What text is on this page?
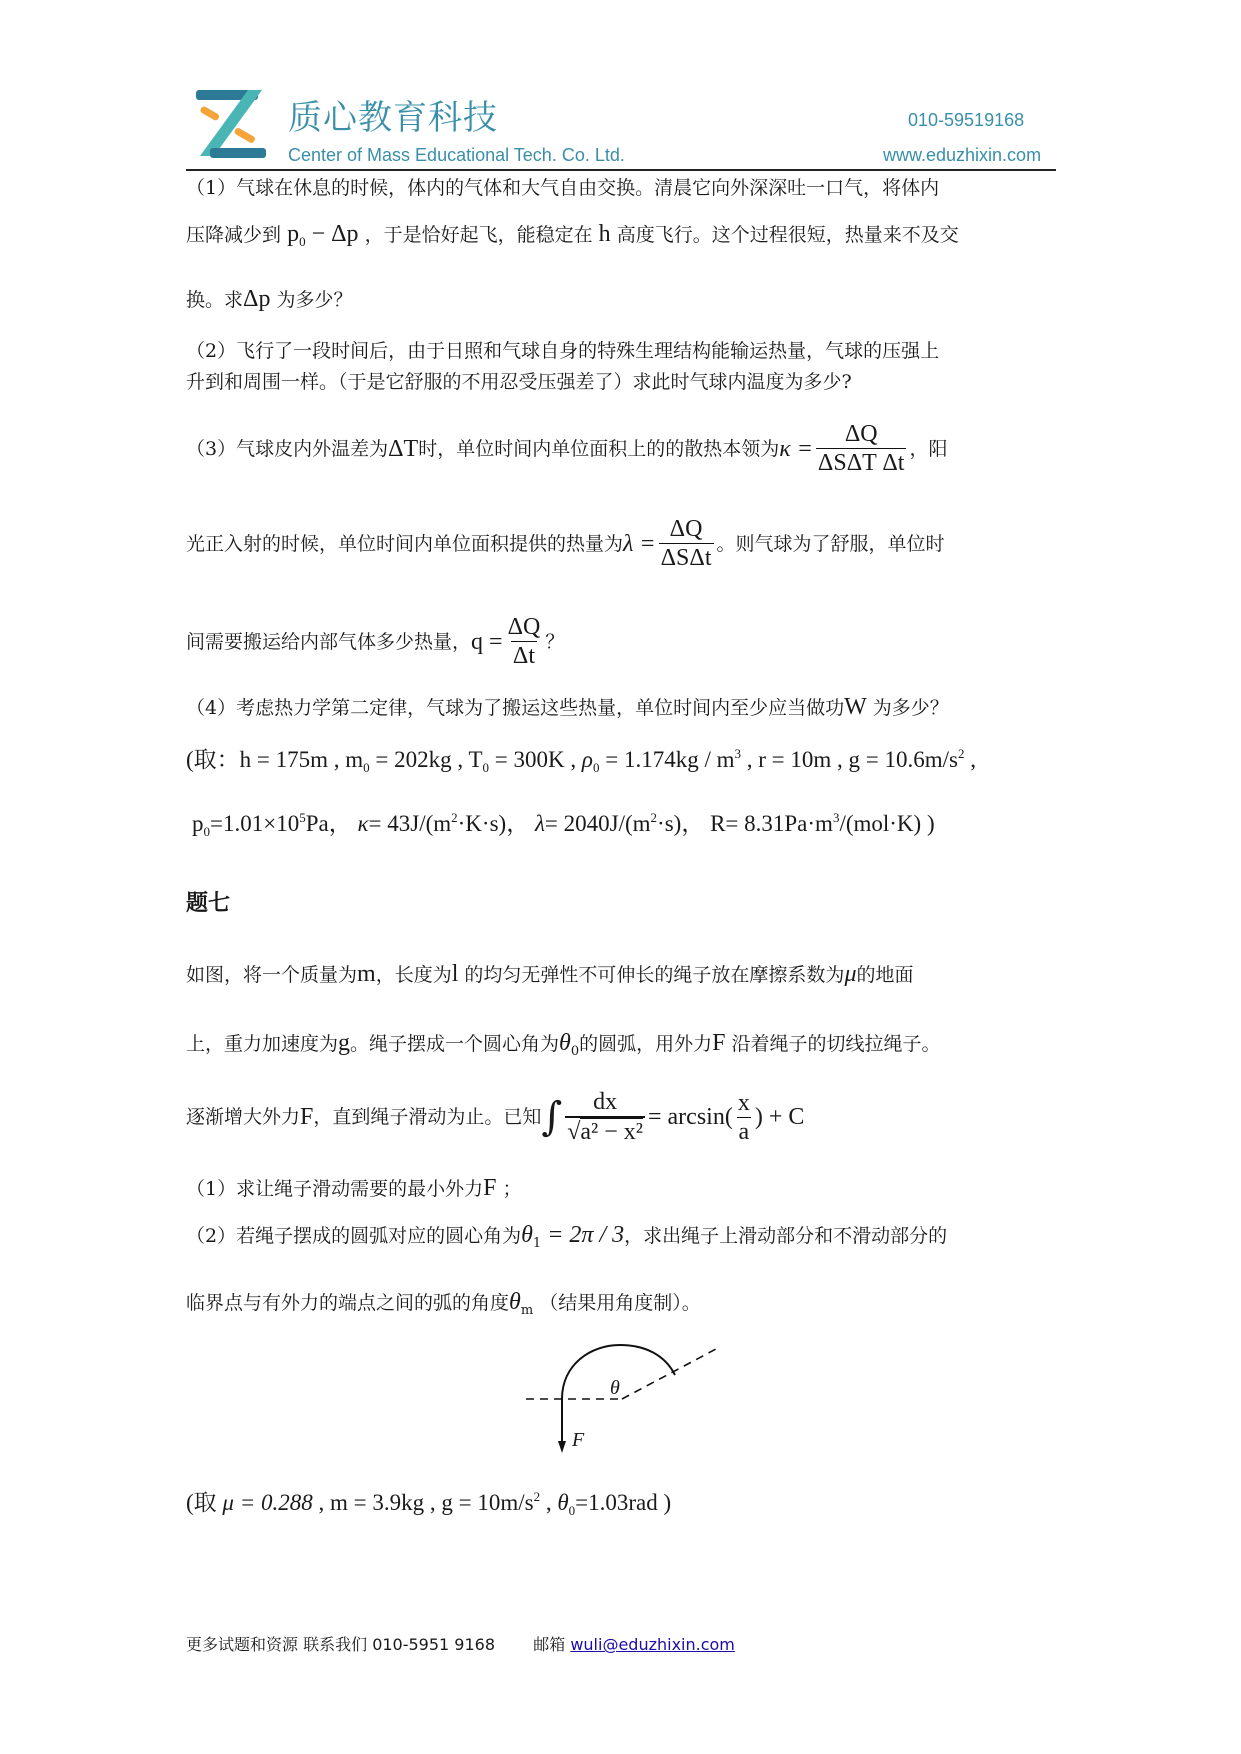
质心教育科技
Center of Mass Educational Tech. Co. Ltd.
010-59519168
www.eduzhixin.com
（1）气球在休息的时候，体内的气体和大气自由交换。清晨它向外深深吐一口气，将体内
压降减少到 $p_0 - \Delta p$ ，于是恰好起飞，能稳定在 h 高度飞行。这个过程很短，热量来不及交
换。求Δp 为多少？
（2）飞行了一段时间后，由于日照和气球自身的特殊生理结构能输运热量，气球的压强上
升到和周围一样。（于是它舒服的不用忍受压强差了）求此时气球内温度为多少?
（3）气球皮内外温差为 ΔT 时，单位时间内单位面积上的的散热本领为 $\kappa = \frac{\Delta Q}{\text{ΔSΔT Δt}}$ ，阳
光正入射的时候，单位时间内单位面积提供的热量为 $\lambda = \frac{\Delta Q}{\text{ΔSΔt}}$ 。则气球为了舒服，单位时
间需要搬运给内部气体多少热量， $q = \frac{\Delta Q}{\Delta t}$ ？
（4）考虑热力学第二定律，气球为了搬运这些热量，单位时间内至少应当做功W 为多少？
(取：h = 175m , $m_0 = 202kg$ , $T_0 = 300K$ , $\rho_0 = 1.174kg / m^3$ , r = 10m , $g = 10.6m/s^2$ ,
$p_0=1.01\times 10^5Pa$， $\kappa= 43J/(m^2\cdot K\cdot s)$， $\lambda= 2040J/(m^2\cdot s)$， $R= 8.31Pa\cdot m^3/(mol\cdot K)$ )
题七
如图，将一个质量为m，长度为l 的均匀无弹性不可伸长的绳子放在摩擦系数为μ的地面
上，重力加速度为g。绳子摆成一个圆心角为$\theta_0$的圆弧，用外力F 沿着绳子的切线拉绳子。
逐渐增大外力 F ，直到绳子滑动为止。已知 ∫ $\frac{dx}{\text{√a² − x²}} = \arcsin( \frac{x}{a}$ ) + C
（1）求让绳子滑动需要的最小外力F ；
（2）若绳子摆成的圆弧对应的圆心角为$\theta_1 = 2\pi / 3$，求出绳子上滑动部分和不滑动部分的
临界点与有外力的端点之间的弧的角度$\theta_m$ （结果用角度制）。
θ
F
(取 μ = 0.288 , m = 3.9kg , $g = 10m/s^2$ , $\theta_0=1.03rad$ )
更多试题和资源 联系我们 010-5951 9168 邮箱 wuli@eduzhixin.com
